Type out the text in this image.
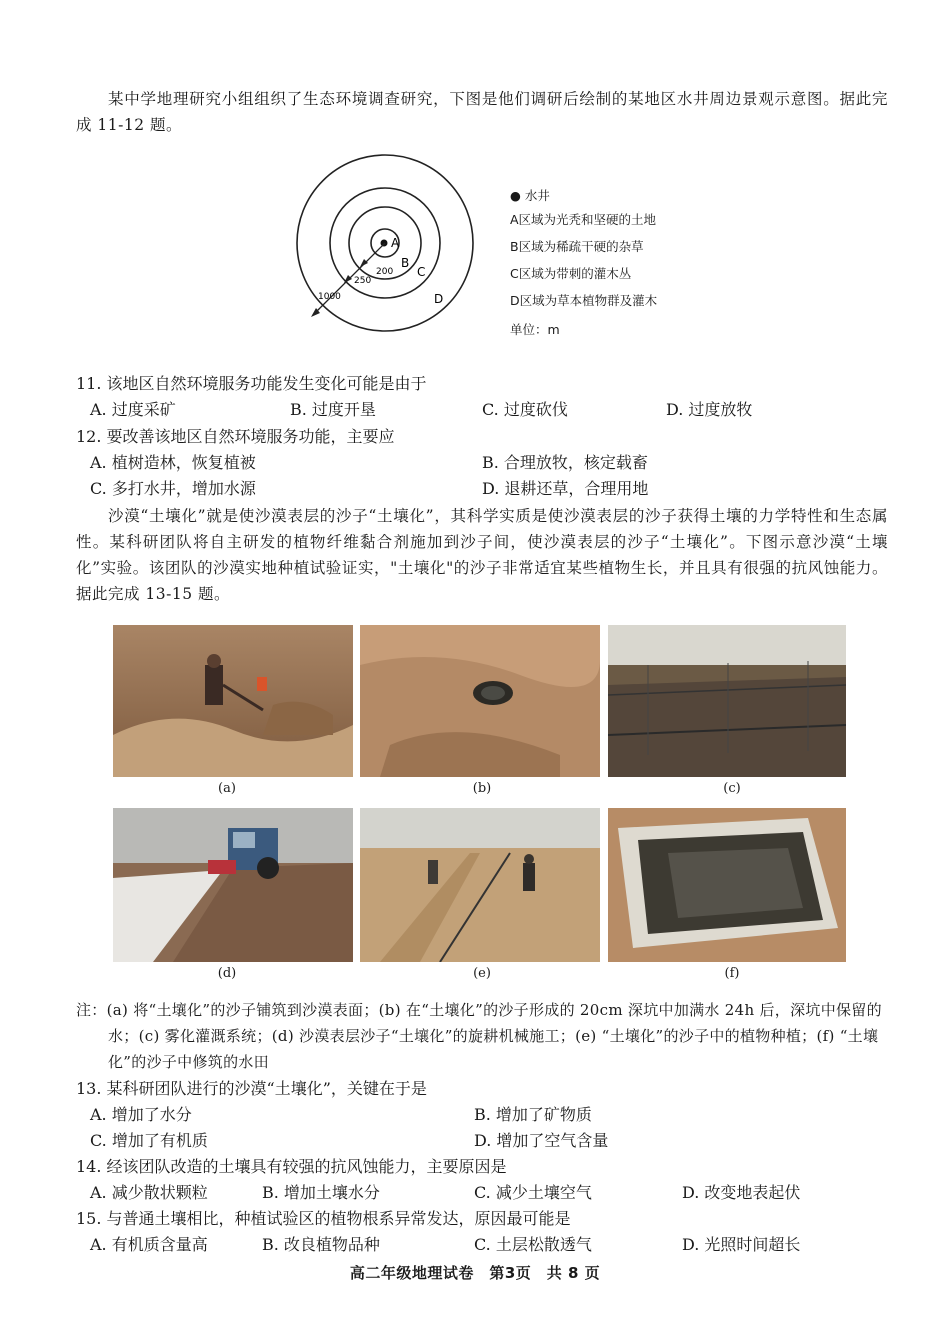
某中学地理研究小组组织了生态环境调查研究，下图是他们调研后绘制的某地区水井周边景观示意图。据此完成 11-12 题。

A
B
C
D
200
250
1000
● 水井
A区域为光秃和坚硬的土地
B区域为稀疏干硬的杂草
C区域为带刺的灌木丛
D区域为草本植物群及灌木
单位：m
11. 该地区自然环境服务功能发生变化可能是由于
A. 过度采矿	B. 过度开垦	C. 过度砍伐	D. 过度放牧
12. 要改善该地区自然环境服务功能，主要应
A. 植树造林，恢复植被	B. 合理放牧，核定载畜
C. 多打水井，增加水源	D. 退耕还草，合理用地

沙漠“土壤化”就是使沙漠表层的沙子“土壤化”，其科学实质是使沙漠表层的沙子获得土壤的力学特性和生态属性。某科研团队将自主研发的植物纤维黏合剂施加到沙子间，使沙漠表层的沙子“土壤化”。下图示意沙漠“土壤化”实验。该团队的沙漠实地种植试验证实，"土壤化"的沙子非常适宜某些植物生长，并且具有很强的抗风蚀能力。据此完成 13-15 题。

(a)	(b)	(c)
(d)	(e)	(f)

注：(a) 将“土壤化”的沙子铺筑到沙漠表面；(b) 在“土壤化”的沙子形成的 20cm 深坑中加满水 24h 后，深坑中保留的水；(c) 雾化灌溉系统；(d) 沙漠表层沙子“土壤化”的旋耕机械施工；(e) “土壤化”的沙子中的植物种植；(f) “土壤化”的沙子中修筑的水田

13. 某科研团队进行的沙漠“土壤化”，关键在于是
A. 增加了水分	B. 增加了矿物质
C. 增加了有机质	D. 增加了空气含量
14. 经该团队改造的土壤具有较强的抗风蚀能力，主要原因是
A. 减少散状颗粒	B. 增加土壤水分	C. 减少土壤空气	D. 改变地表起伏
15. 与普通土壤相比，种植试验区的植物根系异常发达，原因最可能是
A. 有机质含量高	B. 改良植物品种	C. 土层松散透气	D. 光照时间超长
高二年级地理试卷　第3页　共 8 页
